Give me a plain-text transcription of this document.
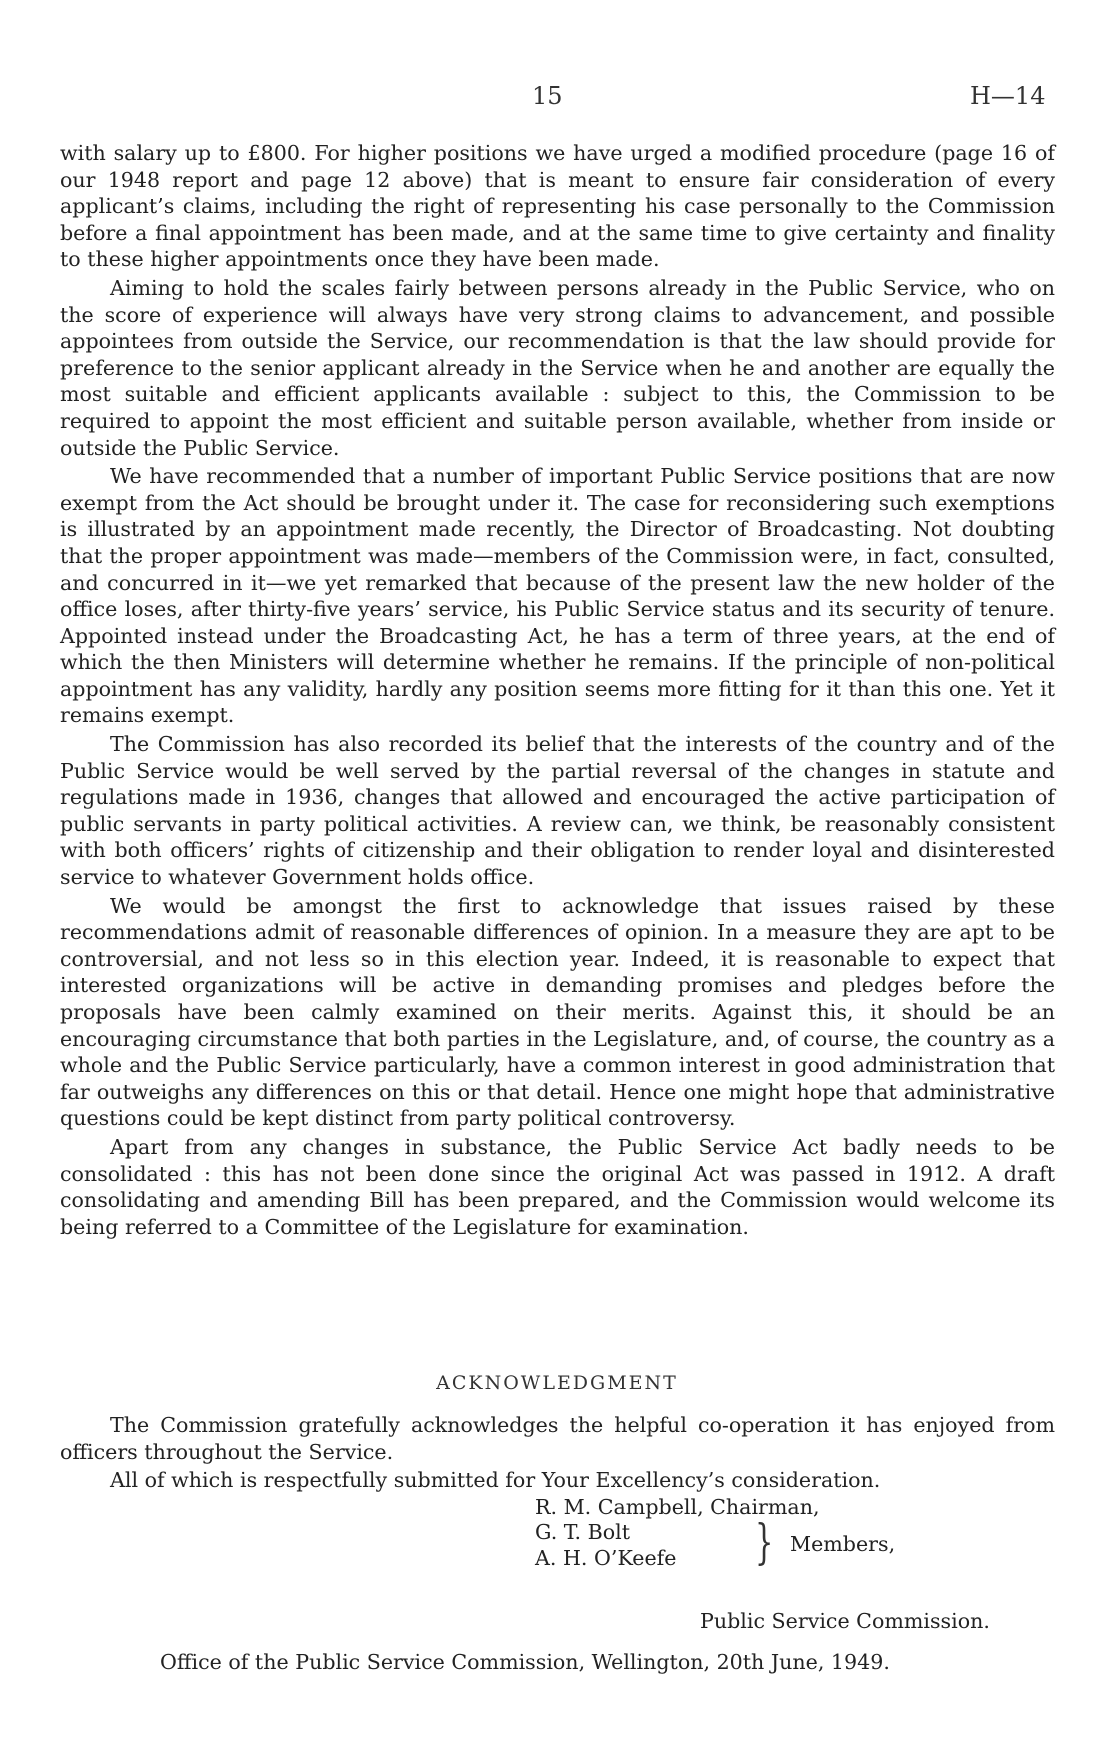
15	H—14

with salary up to £800. For higher positions we have urged a modified procedure (page 16 of our 1948 report and page 12 above) that is meant to ensure fair consideration of every applicant’s claims, including the right of representing his case personally to the Commission before a final appointment has been made, and at the same time to give certainty and finality to these higher appointments once they have been made.

Aiming to hold the scales fairly between persons already in the Public Service, who on the score of experience will always have very strong claims to advancement, and possible appointees from outside the Service, our recommendation is that the law should provide for preference to the senior applicant already in the Service when he and another are equally the most suitable and efficient applicants available : subject to this, the Commission to be required to appoint the most efficient and suitable person available, whether from inside or outside the Public Service.

We have recommended that a number of important Public Service positions that are now exempt from the Act should be brought under it. The case for reconsidering such exemptions is illustrated by an appointment made recently, the Director of Broadcasting. Not doubting that the proper appointment was made—members of the Commission were, in fact, consulted, and concurred in it—we yet remarked that because of the present law the new holder of the office loses, after thirty-five years’ service, his Public Service status and its security of tenure. Appointed instead under the Broadcasting Act, he has a term of three years, at the end of which the then Ministers will determine whether he remains. If the principle of non-political appointment has any validity, hardly any position seems more fitting for it than this one. Yet it remains exempt.

The Commission has also recorded its belief that the interests of the country and of the Public Service would be well served by the partial reversal of the changes in statute and regulations made in 1936, changes that allowed and encouraged the active participation of public servants in party political activities. A review can, we think, be reasonably consistent with both officers’ rights of citizenship and their obligation to render loyal and disinterested service to whatever Government holds office.

We would be amongst the first to acknowledge that issues raised by these recommendations admit of reasonable differences of opinion. In a measure they are apt to be controversial, and not less so in this election year. Indeed, it is reasonable to expect that interested organizations will be active in demanding promises and pledges before the proposals have been calmly examined on their merits. Against this, it should be an encouraging circumstance that both parties in the Legislature, and, of course, the country as a whole and the Public Service particularly, have a common interest in good administration that far outweighs any differences on this or that detail. Hence one might hope that administrative questions could be kept distinct from party political controversy.

Apart from any changes in substance, the Public Service Act badly needs to be consolidated : this has not been done since the original Act was passed in 1912. A draft consolidating and amending Bill has been prepared, and the Commission would welcome its being referred to a Committee of the Legislature for examination.

ACKNOWLEDGMENT

The Commission gratefully acknowledges the helpful co-operation it has enjoyed from officers throughout the Service.

All of which is respectfully submitted for Your Excellency’s consideration.

R. M. Campbell, Chairman,
G. T. Bolt
A. H. O’Keefe } Members,
Public Service Commission.
Office of the Public Service Commission, Wellington, 20th June, 1949.
